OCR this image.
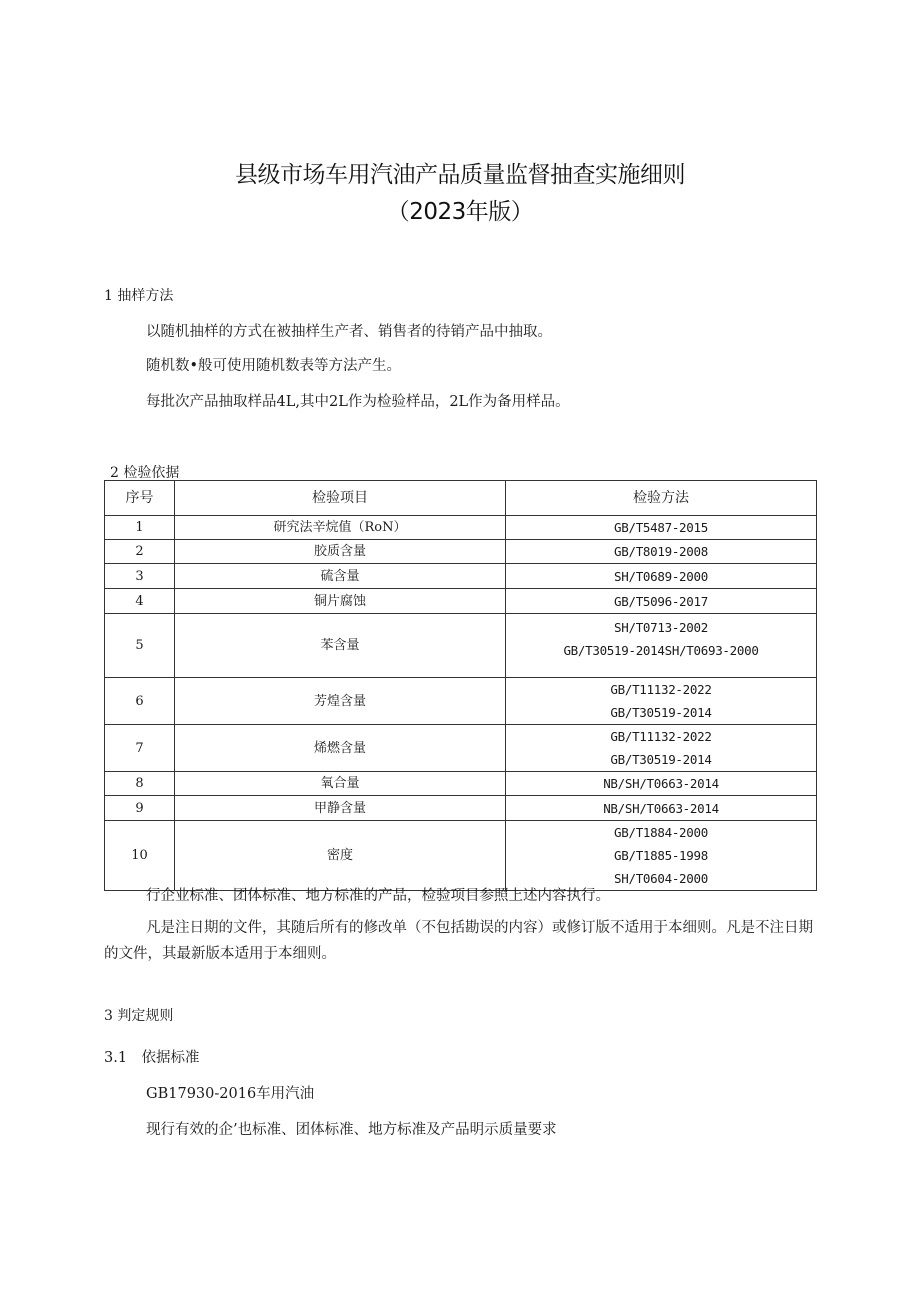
县级市场车用汽油产品质量监督抽查实施细则
（2023年版）
1 抽样方法
以随机抽样的方式在被抽样生产者、销售者的待销产品中抽取。
随机数•般可使用随机数表等方法产生。
每批次产品抽取样品4L,其中2L作为检验样品，2L作为备用样品。
2 检验依据
序号	检验项目	检验方法
1	研究法辛烷值（RoN）	GB/T5487-2015

2	胶质含量	GB/T8019-2008

3	硫含量	SH/T0689-2000

4	铜片腐蚀	GB/T5096-2017

5	苯含量	SH/T0713-2002
GB/T30519-2014SH/T0693-2000

6	芳煌含量	GB/T11132-2022
GB/T30519-2014

7	烯燃含量	GB/T11132-2022
GB/T30519-2014

8	氧合量	NB/SH/T0663-2014

9	甲静含量	NB/SH/T0663-2014

10	密度	GB/T1884-2000
GB/T1885-1998
SH/T0604-2000
行企业标准、团体标准、地方标准的产品，检验项目参照上述内容执行。
凡是注日期的文件，其随后所有的修改单（不包括勘误的内容）或修订版不适用于本细则。凡是不注日期的文件，其最新版本适用于本细则。
3 判定规则
3.1　依据标准
GB17930-2016车用汽油
现行有效的企’也标准、团体标准、地方标准及产品明示质量要求
